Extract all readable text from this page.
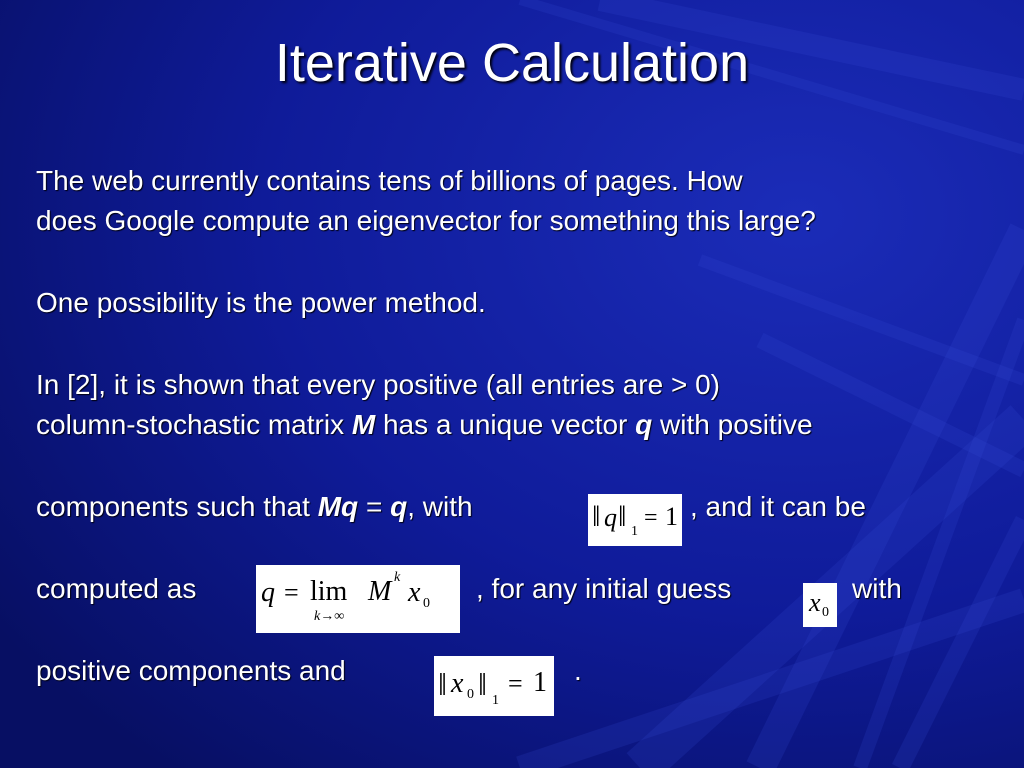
Iterative Calculation
The web currently contains tens of billions of pages. How
does Google compute an eigenvector for something this large?
One possibility is the power method.
In [2], it is shown that every positive (all entries are > 0)
column-stochastic matrix M has a unique vector q with positive
components such that Mq = q, with	, and it can be
computed as	, for any initial guess	with
positive components and	.
‖ q ‖ 1
= 1
q = lim
k→∞
M k x 0	x 0
‖ x 0 ‖ 1
= 1
